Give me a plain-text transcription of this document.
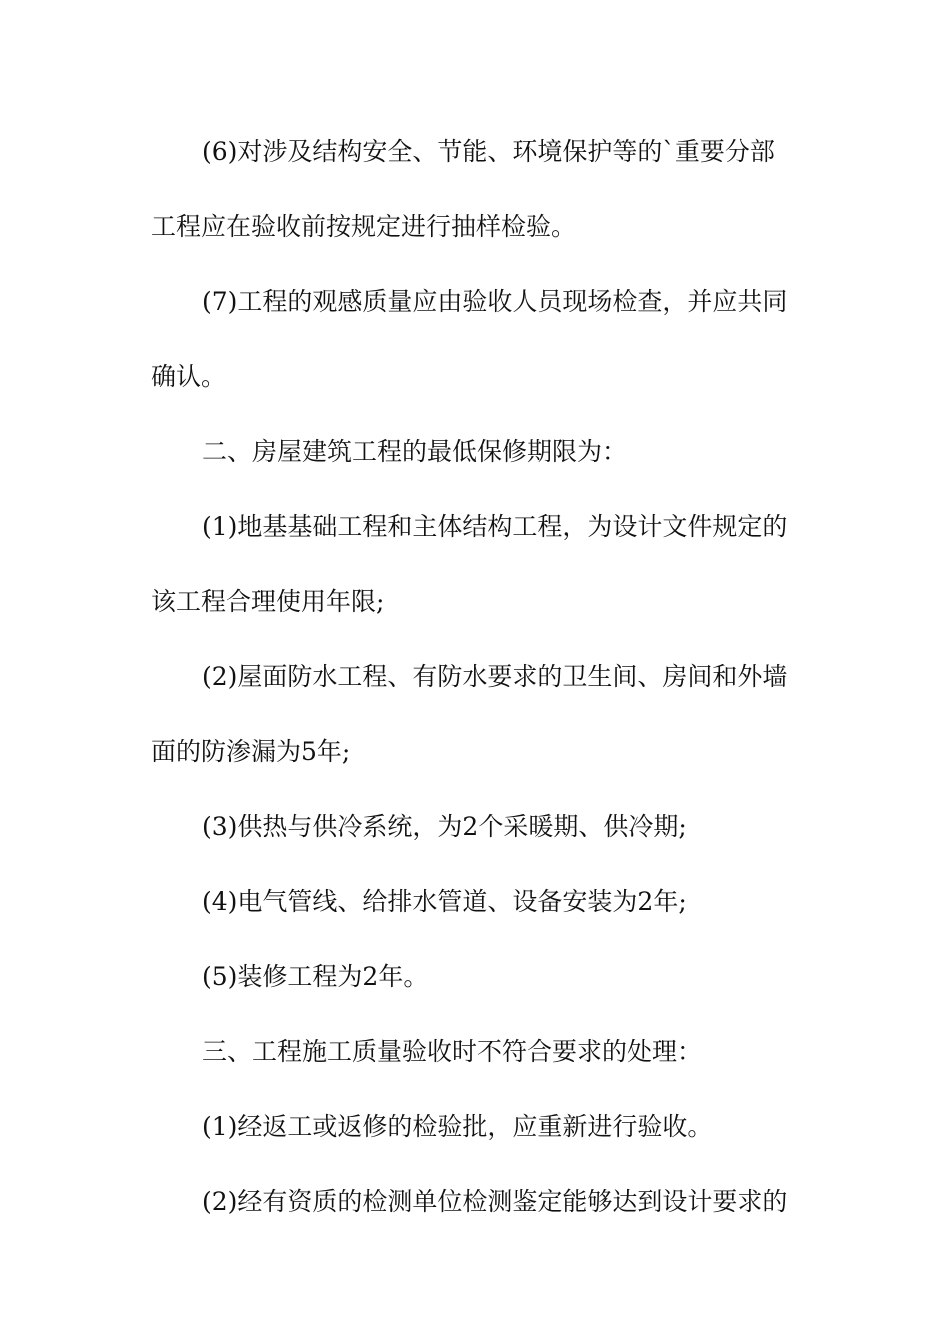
(6)对涉及结构安全、节能、环境保护等的`重要分部
工程应在验收前按规定进行抽样检验。
(7)工程的观感质量应由验收人员现场检查，并应共同
确认。
二、房屋建筑工程的最低保修期限为：
(1)地基基础工程和主体结构工程，为设计文件规定的
该工程合理使用年限;
(2)屋面防水工程、有防水要求的卫生间、房间和外墙
面的防渗漏为5年;
(3)供热与供冷系统，为2个采暖期、供冷期;
(4)电气管线、给排水管道、设备安装为2年;
(5)装修工程为2年。
三、工程施工质量验收时不符合要求的处理：
(1)经返工或返修的检验批，应重新进行验收。
(2)经有资质的检测单位检测鉴定能够达到设计要求的
